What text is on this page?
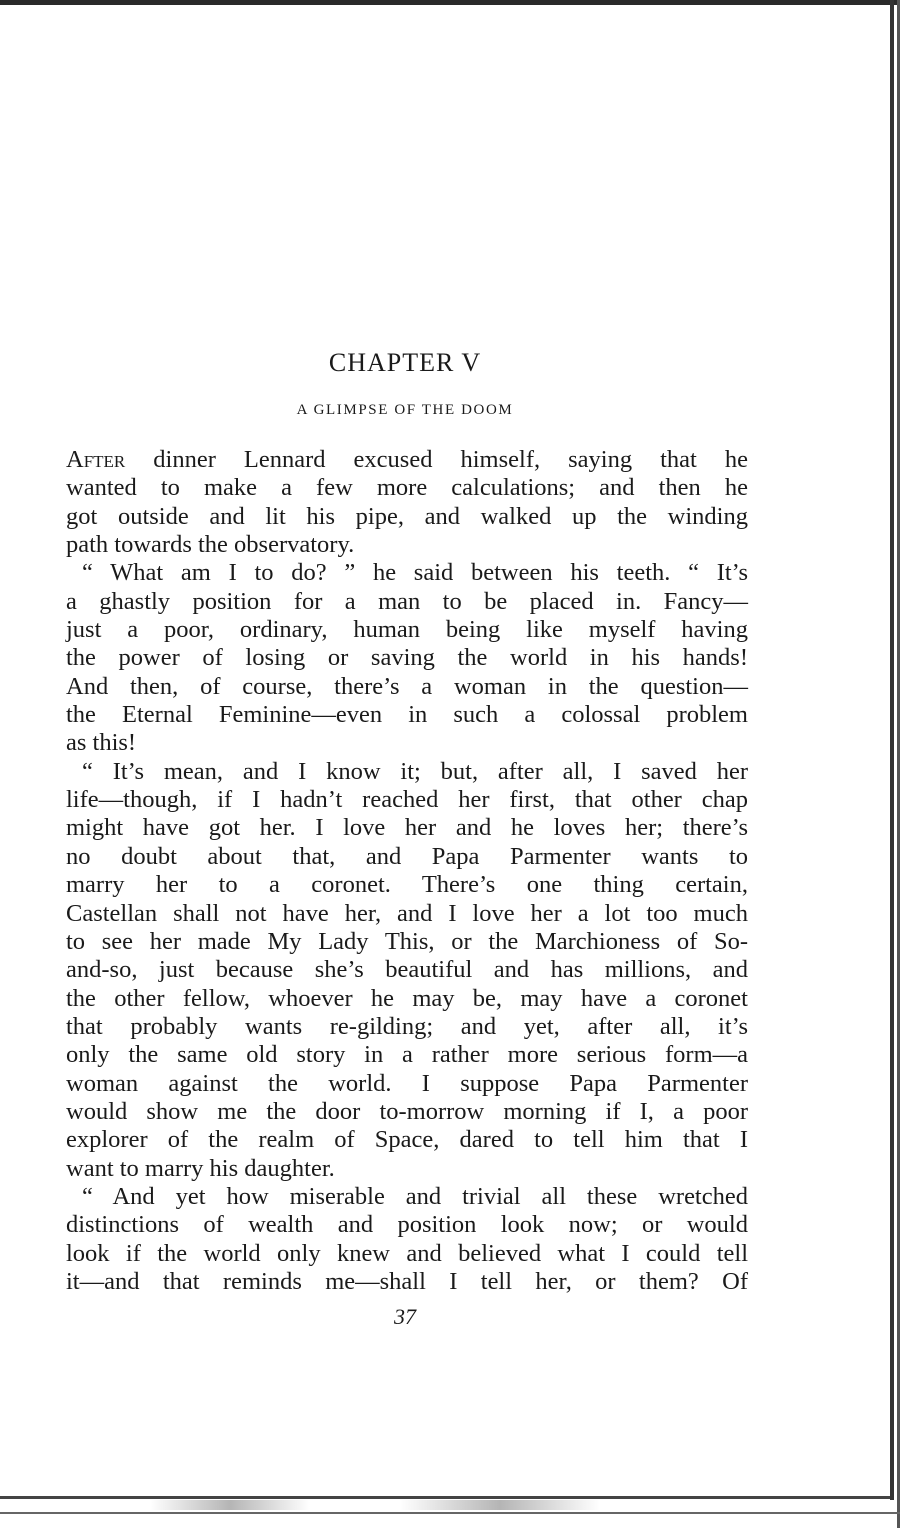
CHAPTER V
A GLIMPSE OF THE DOOM
After dinner Lennard excused himself, saying that he
wanted to make a few more calculations; and then he
got outside and lit his pipe, and walked up the winding
path towards the observatory.
“ What am I to do? ” he said between his teeth. “ It’s
a ghastly position for a man to be placed in. Fancy—
just a poor, ordinary, human being like myself having
the power of losing or saving the world in his hands!
And then, of course, there’s a woman in the question—
the Eternal Feminine—even in such a colossal problem
as this!
“ It’s mean, and I know it; but, after all, I saved her
life—though, if I hadn’t reached her first, that other chap
might have got her. I love her and he loves her; there’s
no doubt about that, and Papa Parmenter wants to
marry her to a coronet. There’s one thing certain,
Castellan shall not have her, and I love her a lot too much
to see her made My Lady This, or the Marchioness of So-
and-so, just because she’s beautiful and has millions, and
the other fellow, whoever he may be, may have a coronet
that probably wants re-gilding; and yet, after all, it’s
only the same old story in a rather more serious form—a
woman against the world. I suppose Papa Parmenter
would show me the door to-morrow morning if I, a poor
explorer of the realm of Space, dared to tell him that I
want to marry his daughter.
“ And yet how miserable and trivial all these wretched
distinctions of wealth and position look now; or would
look if the world only knew and believed what I could tell
it—and that reminds me—shall I tell her, or them? Of
37
